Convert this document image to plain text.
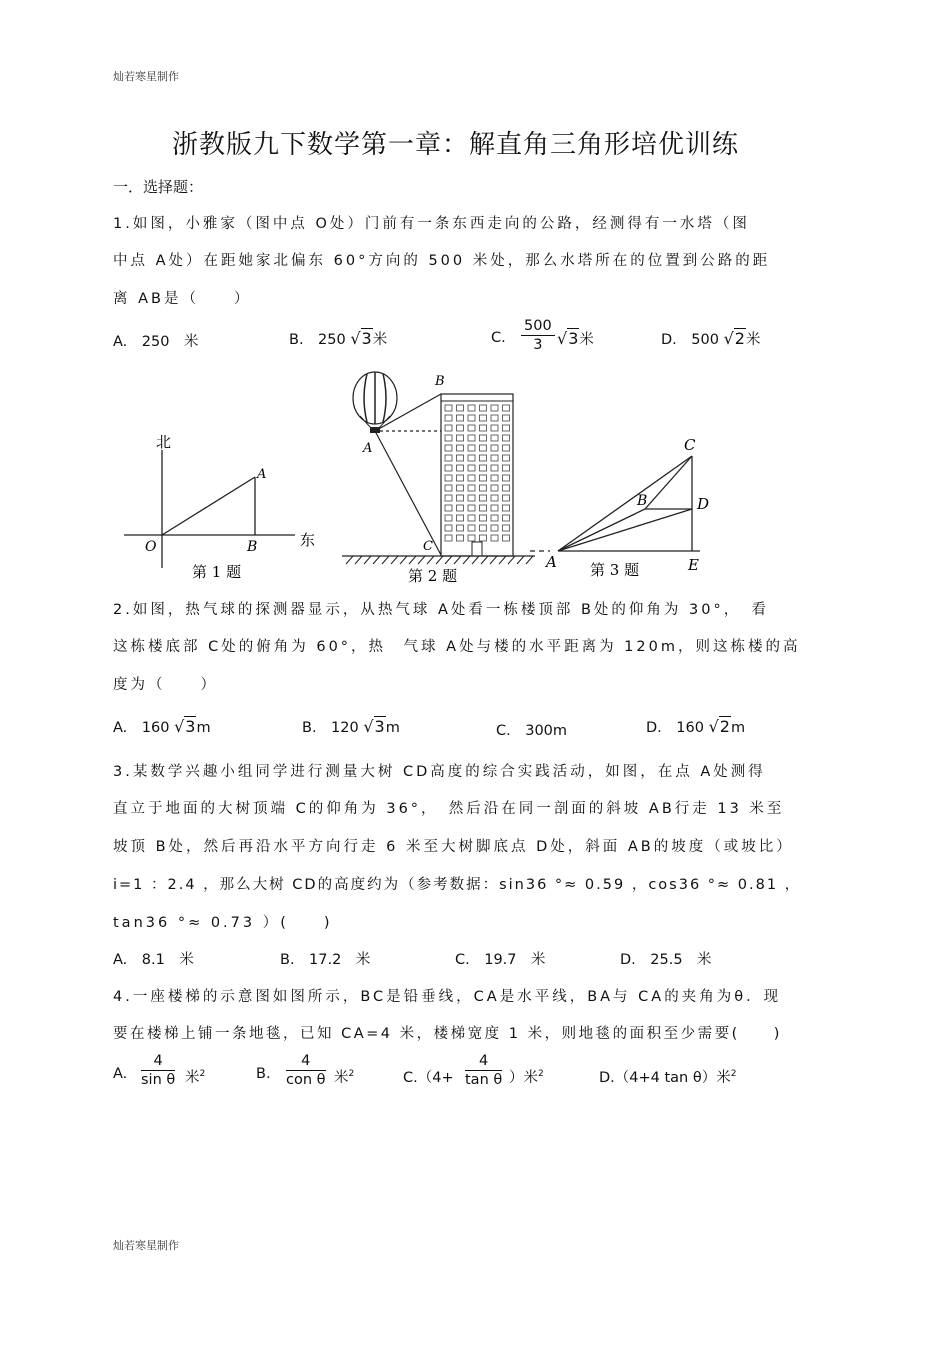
灿若寒星制作
灿若寒星制作
浙教版九下数学第一章：解直角三角形培优训练
一．选择题：
1.如图，小雅家（图中点 O处）门前有一条东西走向的公路，经测得有一水塔（图
中点 A处）在距她家北偏东 60°方向的 500 米处，那么水塔所在的位置到公路的距
离 AB是（　　）
A.　250　米	B.　250 √3米	C.
500
3 √3米	D.　500 √2米
北
东
O
A
B
第 1 题
A
B
C
第 2 题
C
B	D
E
A 第 3 题
2.如图，热气球的探测器显示，从热气球 A处看一栋楼顶部 B处的仰角为 30°，　看
这栋楼底部 C处的俯角为 60°，热　气球 A处与楼的水平距离为 120m，则这栋楼的高
度为（　　）
A.　160 √3m	B.　120 √3m	C.　300m	D.　160 √2m
3.某数学兴趣小组同学进行测量大树 CD高度的综合实践活动，如图，在点 A处测得
直立于地面的大树顶端 C的仰角为 36°，　然后沿在同一剖面的斜坡 AB行走 13 米至
坡顶 B处，然后再沿水平方向行走 6 米至大树脚底点 D处，斜面 AB的坡度（或坡比）
i=1 ：2.4 ，那么大树 CD的高度约为（参考数据：sin36 °≈ 0.59 ，cos36 °≈ 0.81 ，
tan36 °≈ 0.73 ）(　　)
A.　8.1　米	B.　17.2　米	C.　19.7　米	D.　25.5　米
4.一座楼梯的示意图如图所示，BC是铅垂线，CA是水平线，BA与 CA的夹角为θ．现
要在楼梯上铺一条地毯，已知 CA=4 米，楼梯宽度 1 米，则地毯的面积至少需要(　　)
A.
4
sin θ 米$^2$	B.
4
con θ 米$^2$	C.（4+
4
tan θ ）米$^2$	D.（4+4 tan θ）米$^2$
